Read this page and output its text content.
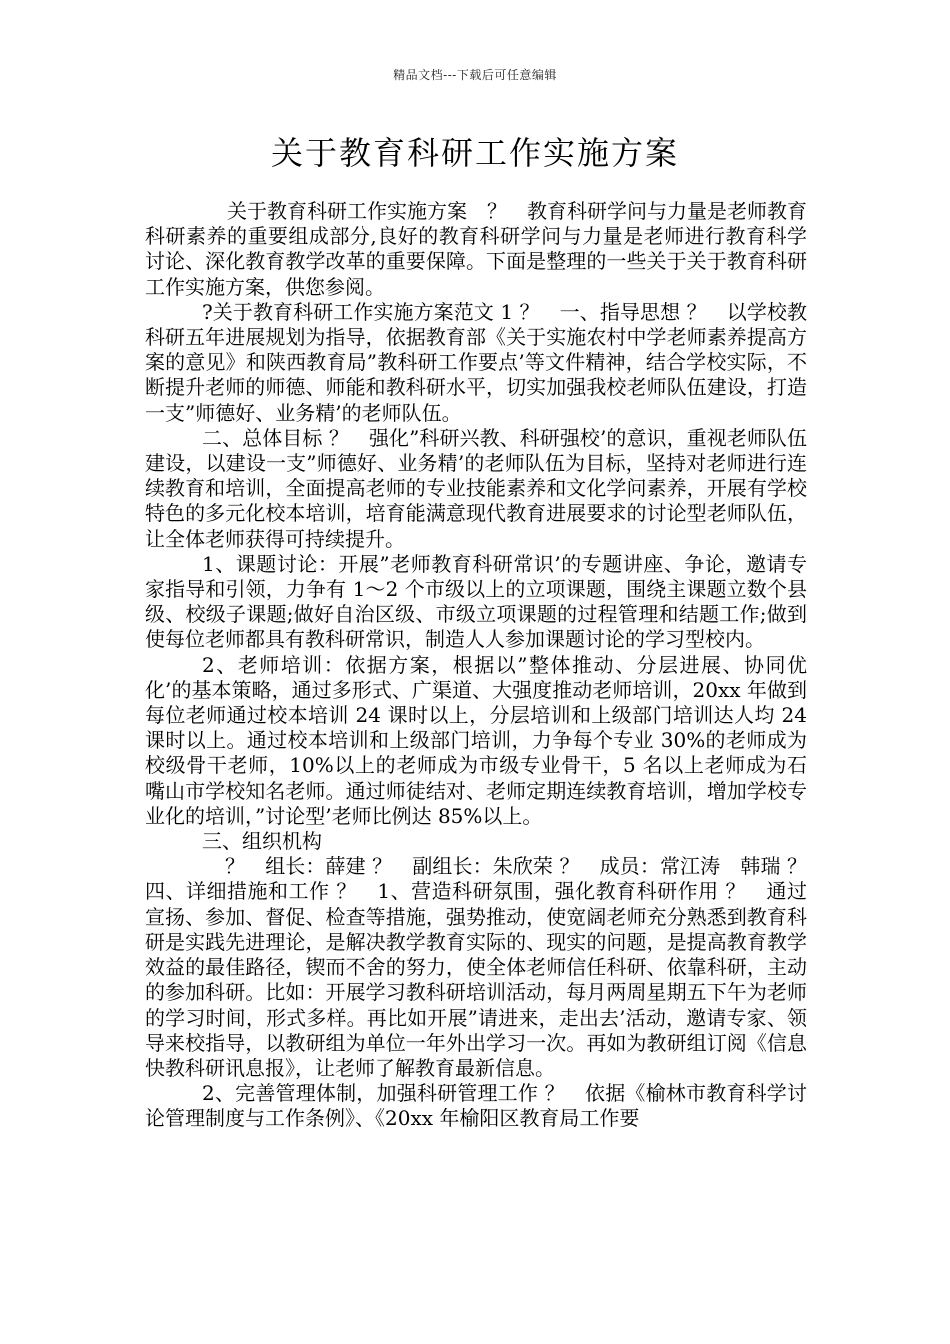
精品文档---下载后可任意编辑
关于教育科研工作实施方案

关于教育科研工作实施方案　？　教育科研学问与力量是老师教育科研素养的重要组成部分,良好的教育科研学问与力量是老师进行教育科学讨论、深化教育教学改革的重要保障。下面是整理的一些关于关于教育科研工作实施方案，供您参阅。

?关于教育科研工作实施方案范文 1 ？　一、指导思想 ？　以学校教科研五年进展规划为指导，依据教育部《关于实施农村中学老师素养提高方案的意见》和陕西教育局”教科研工作要点’等文件精神，结合学校实际，不断提升老师的师德、师能和教科研水平，切实加强我校老师队伍建设，打造一支”师德好、业务精’的老师队伍。

二、总体目标 ？　强化”科研兴教、科研强校’的意识，重视老师队伍建设，以建设一支”师德好、业务精’的老师队伍为目标，坚持对老师进行连续教育和培训，全面提高老师的专业技能素养和文化学问素养，开展有学校特色的多元化校本培训，培育能满意现代教育进展要求的讨论型老师队伍，让全体老师获得可持续提升。

1、课题讨论：开展”老师教育科研常识’的专题讲座、争论，邀请专家指导和引领，力争有 1～2 个市级以上的立项课题，围绕主课题立数个县级、校级子课题;做好自治区级、市级立项课题的过程管理和结题工作;做到使每位老师都具有教科研常识，制造人人参加课题讨论的学习型校内。

2、老师培训：依据方案，根据以”整体推动、分层进展、协同优化’的基本策略，通过多形式、广渠道、大强度推动老师培训，20xx 年做到每位老师通过校本培训 24 课时以上，分层培训和上级部门培训达人均 24 课时以上。通过校本培训和上级部门培训，力争每个专业 30%的老师成为校级骨干老师，10%以上的老师成为市级专业骨干，5 名以上老师成为石嘴山市学校知名老师。通过师徒结对、老师定期连续教育培训，增加学校专业化的培训，”讨论型’老师比例达 85%以上。

三、组织机构

？　组长：薛建 ？　副组长：朱欣荣 ？　成员：常江涛　韩瑞 ？　四、详细措施和工作 ？　1、营造科研氛围，强化教育科研作用 ？　通过宣扬、参加、督促、检查等措施，强势推动，使宽阔老师充分熟悉到教育科研是实践先进理论，是解决教学教育实际的、现实的问题，是提高教育教学效益的最佳路径，锲而不舍的努力，使全体老师信任科研、依靠科研，主动的参加科研。比如：开展学习教科研培训活动，每月两周星期五下午为老师的学习时间，形式多样。再比如开展”请进来，走出去’活动，邀请专家、领导来校指导，以教研组为单位一年外出学习一次。再如为教研组订阅《信息快教科研讯息报》，让老师了解教育最新信息。

2、完善管理体制，加强科研管理工作 ？　依据《榆林市教育科学讨论管理制度与工作条例》、《20xx 年榆阳区教育局工作要
